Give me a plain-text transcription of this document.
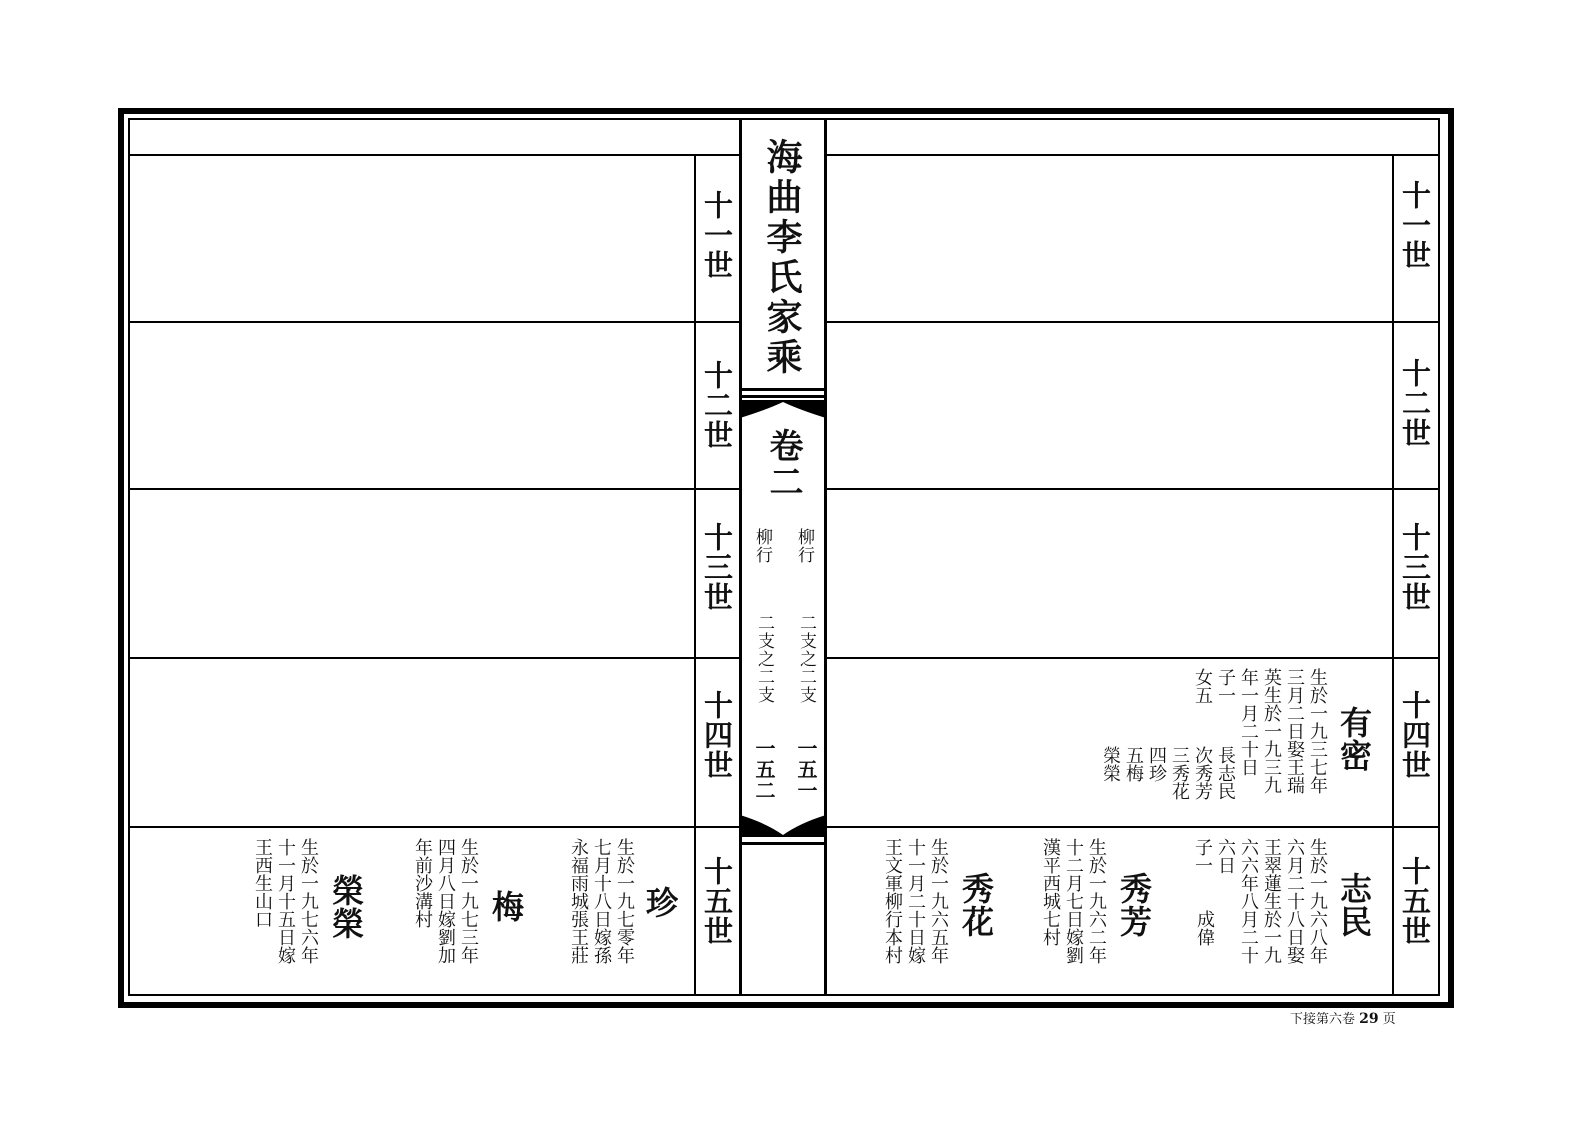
海曲李氏家乘
卷二
柳行
柳行
二支之二支
二支之二支
一五一
一五二
十一世
十二世
十三世
十四世
十五世
十一世
十二世
十三世
十四世
十五世
有密
生於一九三七年
三月二日娶王瑞
英生於一九三九
年一月二十日
子一
女五
長志民
次秀芳
三秀花
四珍
五梅
榮榮
志民
生於一九六八年
六月二十八日娶
王翠蓮生於一九
六六年八月二十
六日
子一
成偉
秀芳
生於一九六二年
十二月七日嫁劉
漢平西城七村
秀花
生於一九六五年
十一月二十日嫁
王文軍柳行本村
珍
生於一九七零年
七月十八日嫁孫
永福雨城張王莊
梅
生於一九七三年
四月八日嫁劉加
年前沙溝村
榮榮
生於一九七六年
十一月十五日嫁
王西生山口
下接第六卷 29 页
